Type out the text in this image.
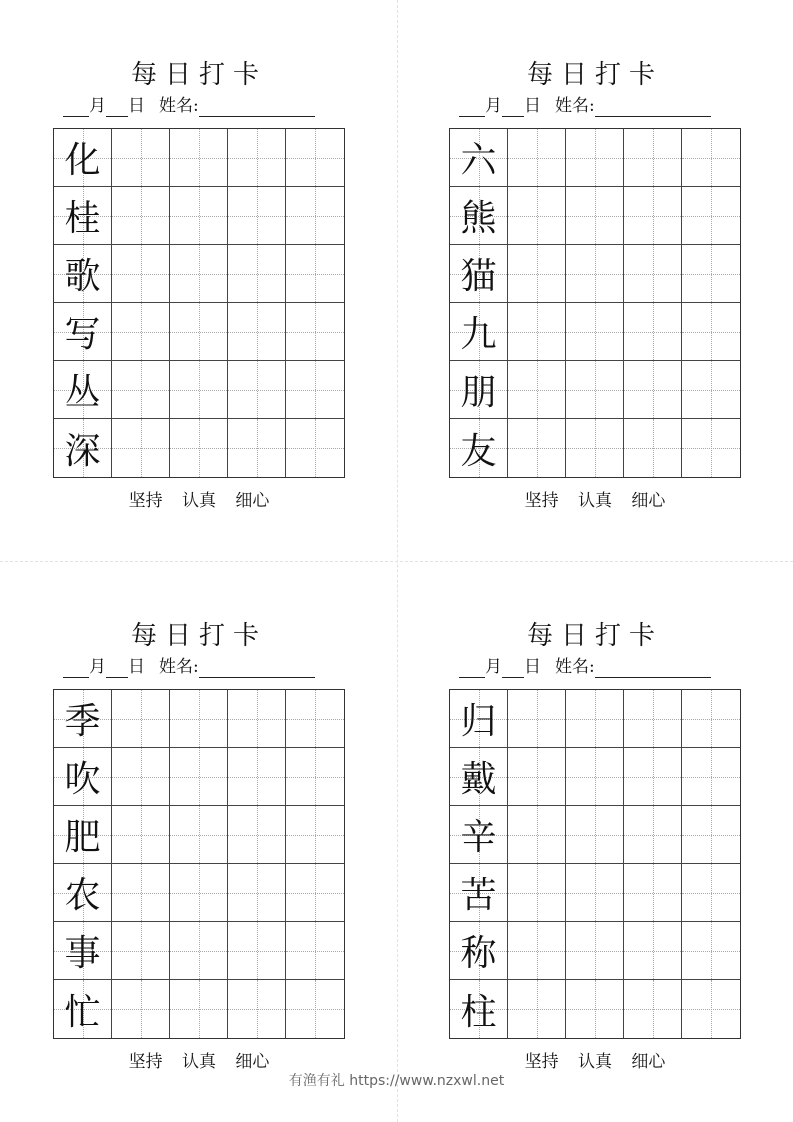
每日打卡
月 日 姓名:
化
桂
歌
写
丛
深
坚持 认真 细心
每日打卡
月 日 姓名:
六
熊
猫
九
朋
友
坚持 认真 细心
每日打卡
月 日 姓名:
季
吹
肥
农
事
忙
坚持 认真 细心
每日打卡
月 日 姓名:
归
戴
辛
苦
称
柱
坚持 认真 细心
有渔有礼 https://www.nzxwl.net
